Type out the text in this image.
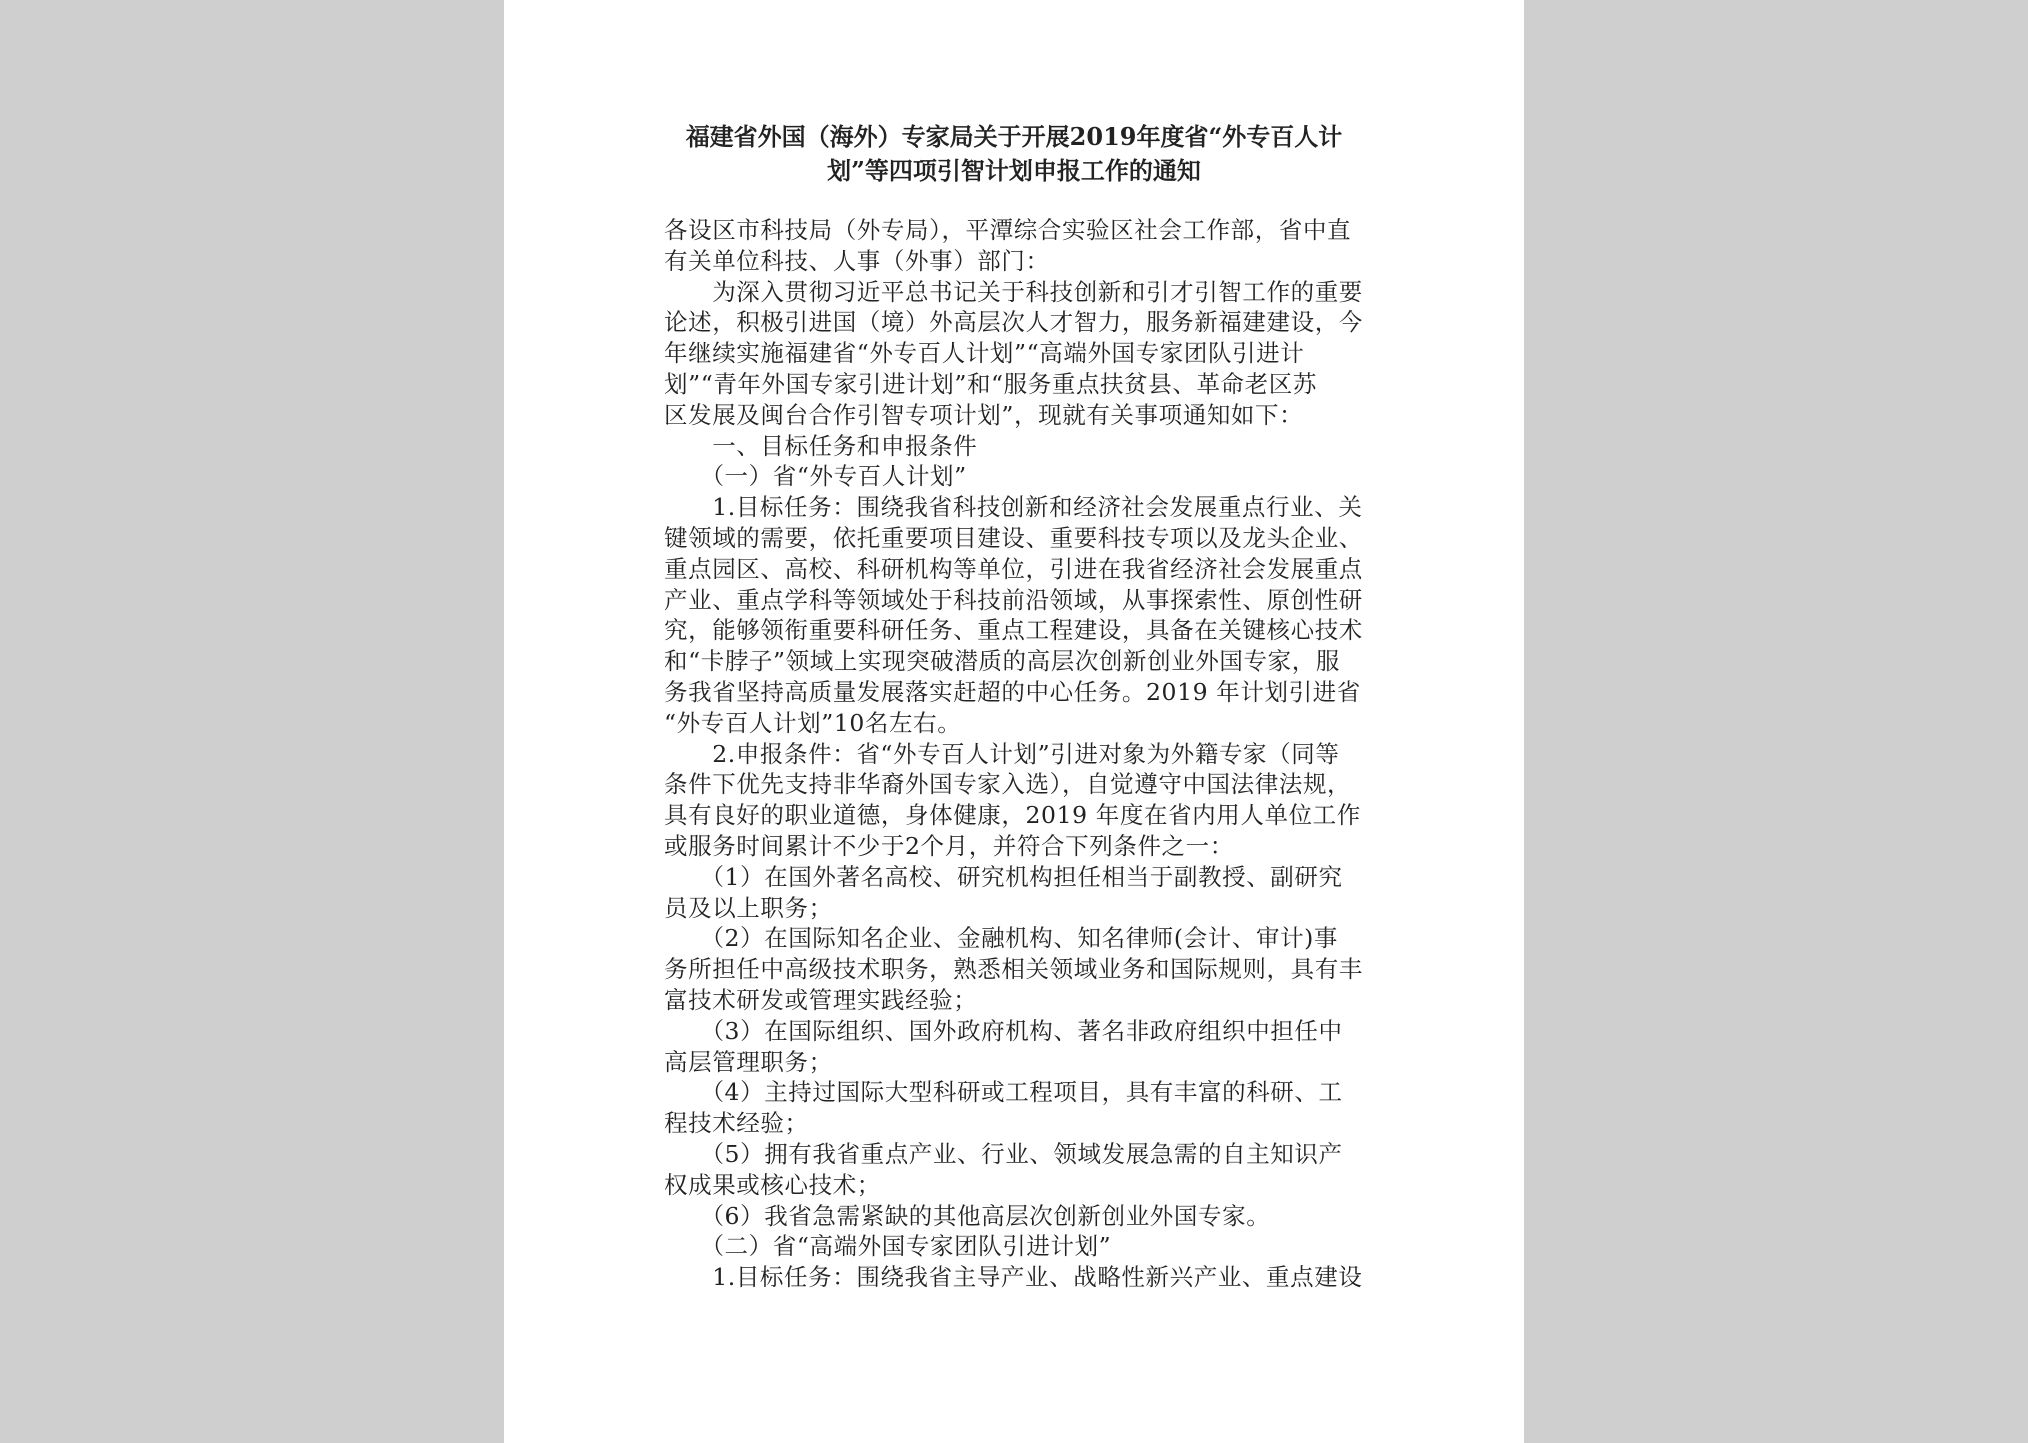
福建省外国（海外）专家局关于开展2019年度省“外专百人计
划”等四项引智计划申报工作的通知

各设区市科技局（外专局），平潭综合实验区社会工作部，省中直

有关单位科技、人事（外事）部门：

　　为深入贯彻习近平总书记关于科技创新和引才引智工作的重要

论述，积极引进国（境）外高层次人才智力，服务新福建建设，今

年继续实施福建省“外专百人计划”“高端外国专家团队引进计

划”“青年外国专家引进计划”和“服务重点扶贫县、革命老区苏

区发展及闽台合作引智专项计划”，现就有关事项通知如下：

　　一、目标任务和申报条件

　　（一）省“外专百人计划”

　　1.目标任务：围绕我省科技创新和经济社会发展重点行业、关

键领域的需要，依托重要项目建设、重要科技专项以及龙头企业、

重点园区、高校、科研机构等单位，引进在我省经济社会发展重点

产业、重点学科等领域处于科技前沿领域，从事探索性、原创性研

究，能够领衔重要科研任务、重点工程建设，具备在关键核心技术

和“卡脖子”领域上实现突破潜质的高层次创新创业外国专家，服

务我省坚持高质量发展落实赶超的中心任务。2019 年计划引进省

“外专百人计划”10名左右。

　　2.申报条件：省“外专百人计划”引进对象为外籍专家（同等

条件下优先支持非华裔外国专家入选），自觉遵守中国法律法规，

具有良好的职业道德，身体健康，2019 年度在省内用人单位工作

或服务时间累计不少于2个月，并符合下列条件之一：

　　（1）在国外著名高校、研究机构担任相当于副教授、副研究

员及以上职务；

　　（2）在国际知名企业、金融机构、知名律师(会计、审计)事

务所担任中高级技术职务，熟悉相关领域业务和国际规则，具有丰

富技术研发或管理实践经验；

　　（3）在国际组织、国外政府机构、著名非政府组织中担任中

高层管理职务；

　　（4）主持过国际大型科研或工程项目，具有丰富的科研、工

程技术经验；

　　（5）拥有我省重点产业、行业、领域发展急需的自主知识产

权成果或核心技术；

　　（6）我省急需紧缺的其他高层次创新创业外国专家。

　　（二）省“高端外国专家团队引进计划”

　　1.目标任务：围绕我省主导产业、战略性新兴产业、重点建设
